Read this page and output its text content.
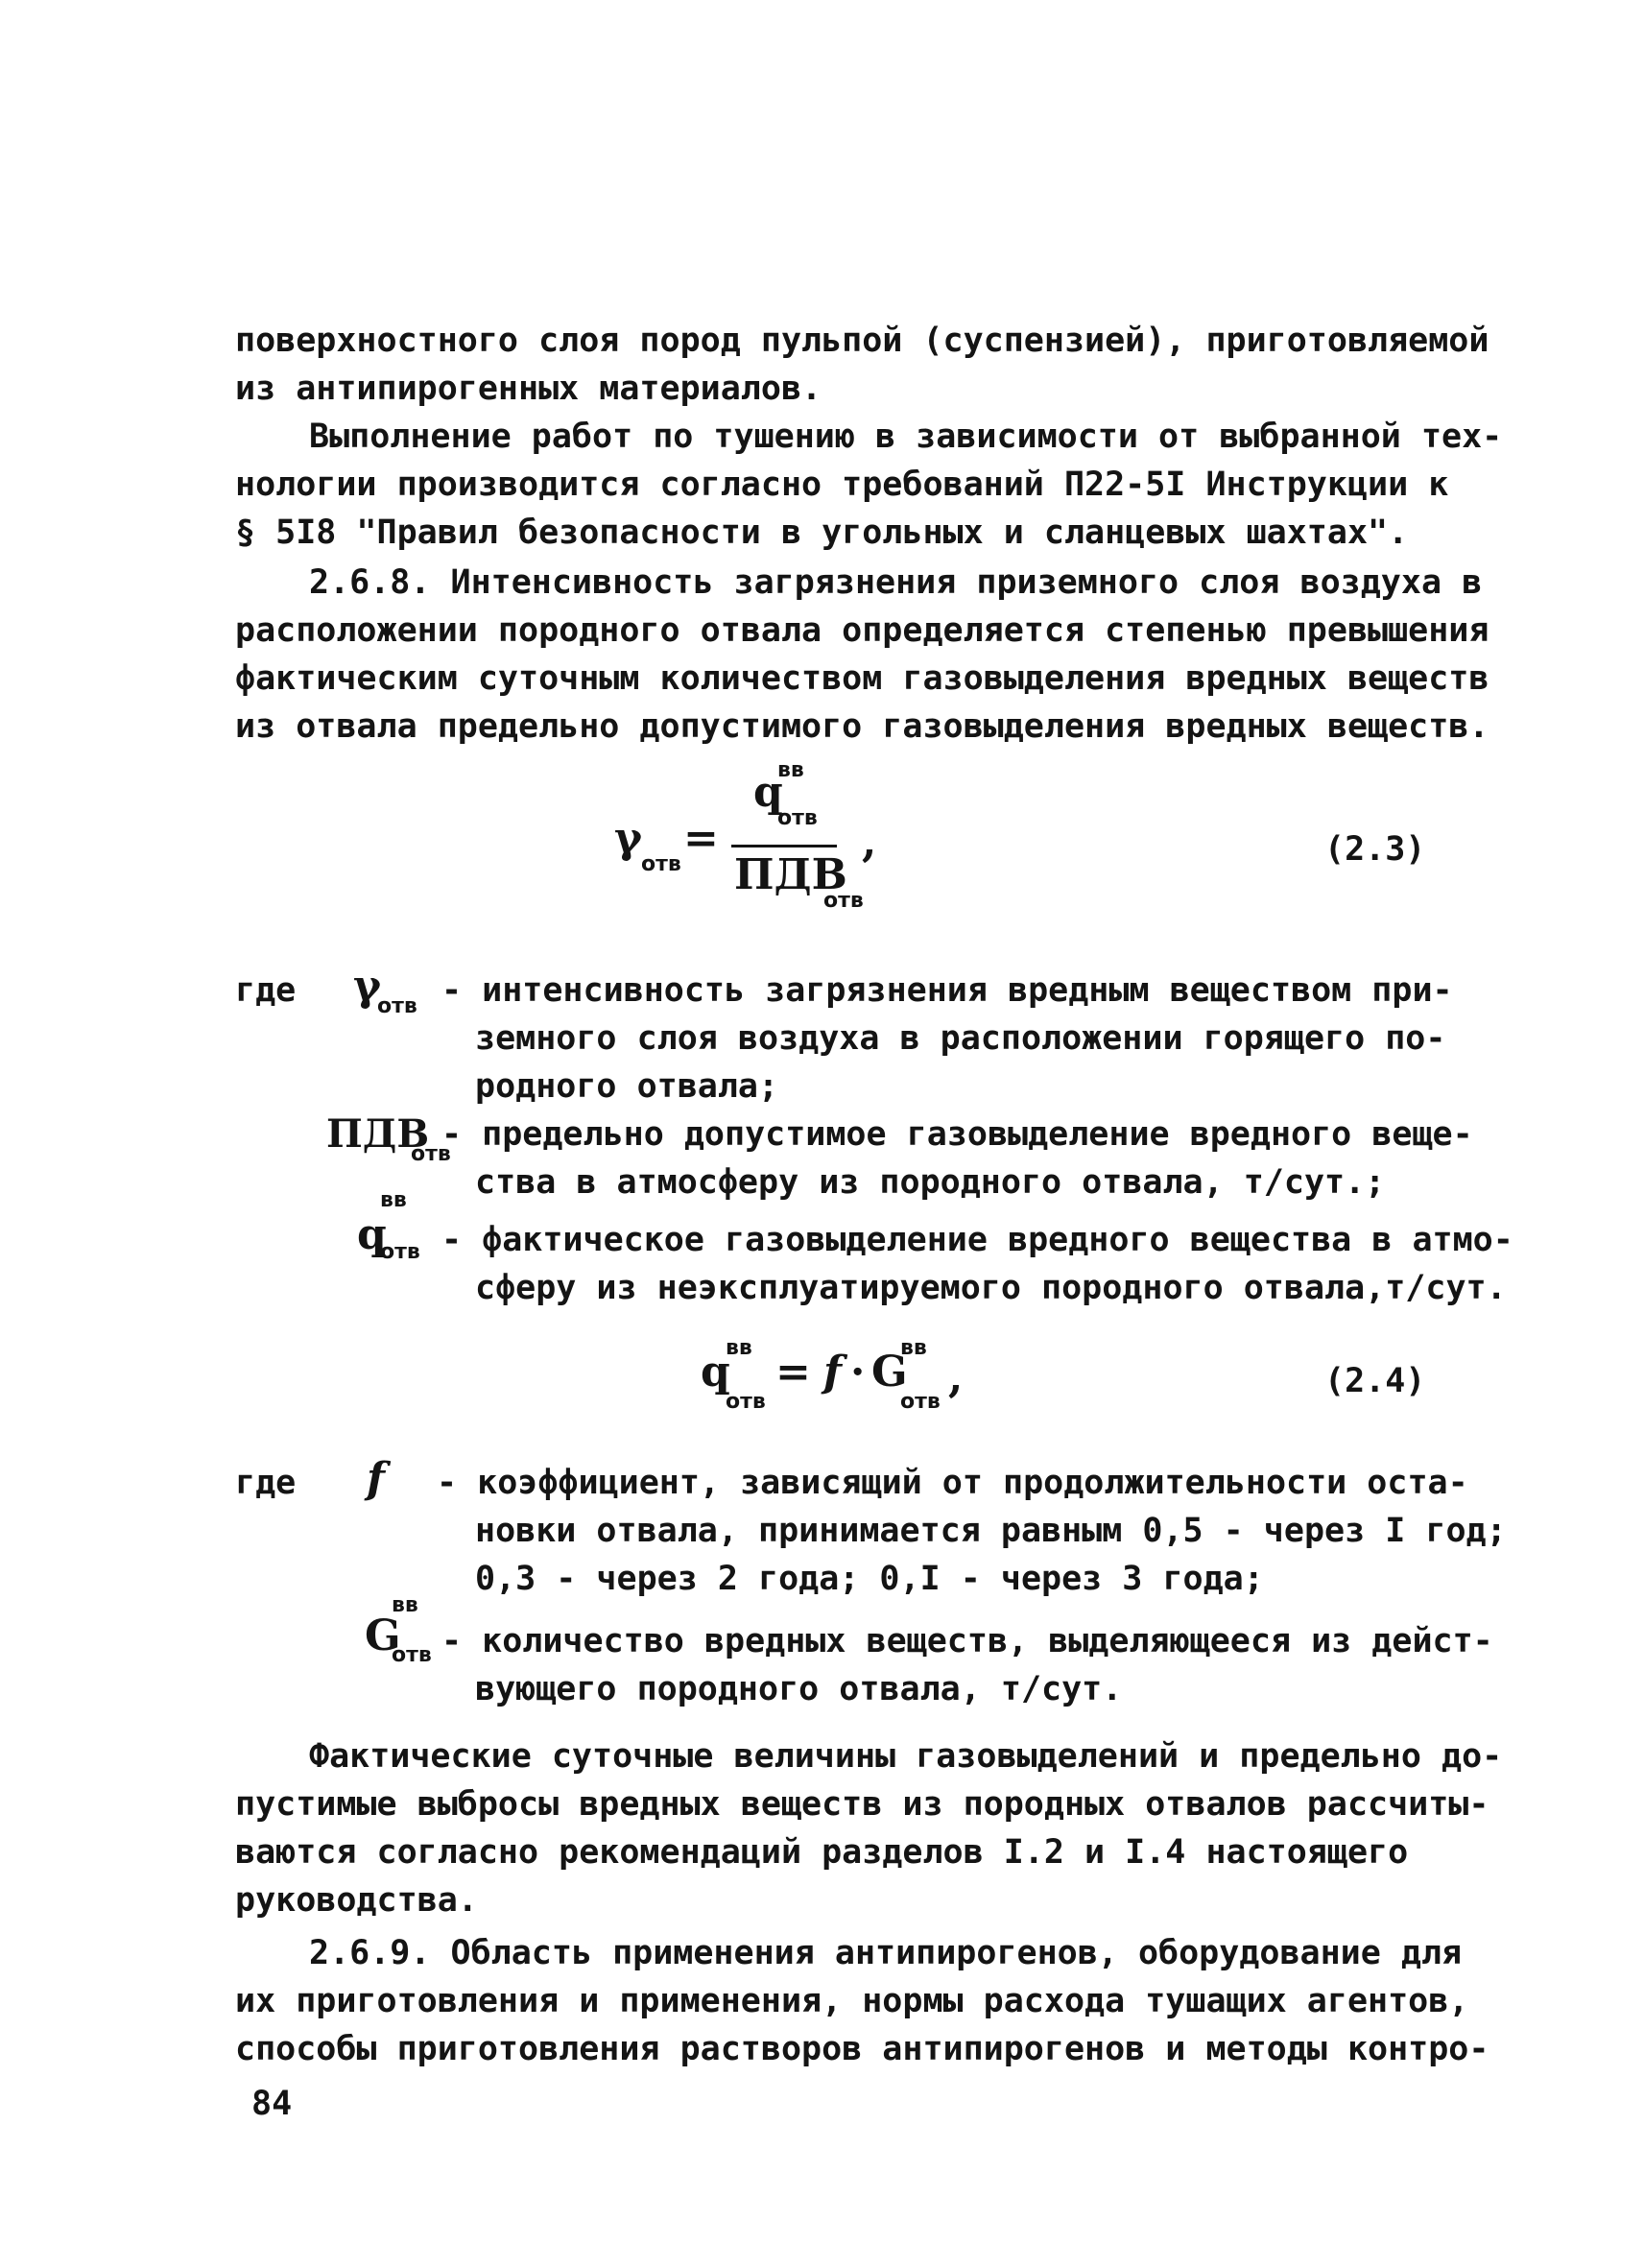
поверхностного слоя пород пульпой (суспензией), приготовляемой
из антипирогенных материалов.
Выполнение работ по тушению в зависимости от выбранной тех-
нологии производится согласно требований П22-5I Инструкции к
§ 5I8 "Правил безопасности в угольных и сланцевых шахтах".
2.6.8. Интенсивность загрязнения приземного слоя воздуха в
расположении породного отвала определяется степенью превышения
фактическим суточным количеством газовыделения вредных веществ
из отвала предельно допустимого газовыделения вредных веществ.
γ
отв
=
q
вв
отв
ПДВ
отв
,	(2.3)
где γ
отв - интенсивность загрязнения вредным веществом при-
земного слоя воздуха в расположении горящего по-
родного отвала;
ПДВ
отв
- предельно допустимое газовыделение вредного веще-
ства в атмосферу из породного отвала, т/сут.;
q
вв
отв - фактическое газовыделение вредного вещества в атмо-
сферу из неэксплуатируемого породного отвала,т/сут.
q
вв
отв
= f · G
вв
отв ,	(2.4)
где f - коэффициент, зависящий от продолжительности оста-
новки отвала, принимается равным 0,5 - через I год;
0,3 - через 2 года; 0,I - через 3 года;
G
вв
отв - количество вредных веществ, выделяющееся из дейст-
вующего породного отвала, т/сут.
Фактические суточные величины газовыделений и предельно до-
пустимые выбросы вредных веществ из породных отвалов рассчиты-
ваются согласно рекомендаций разделов I.2 и I.4 настоящего
руководства.
2.6.9. Область применения антипирогенов, оборудование для
их приготовления и применения, нормы расхода тушащих агентов,
способы приготовления растворов антипирогенов и методы контро-
84
